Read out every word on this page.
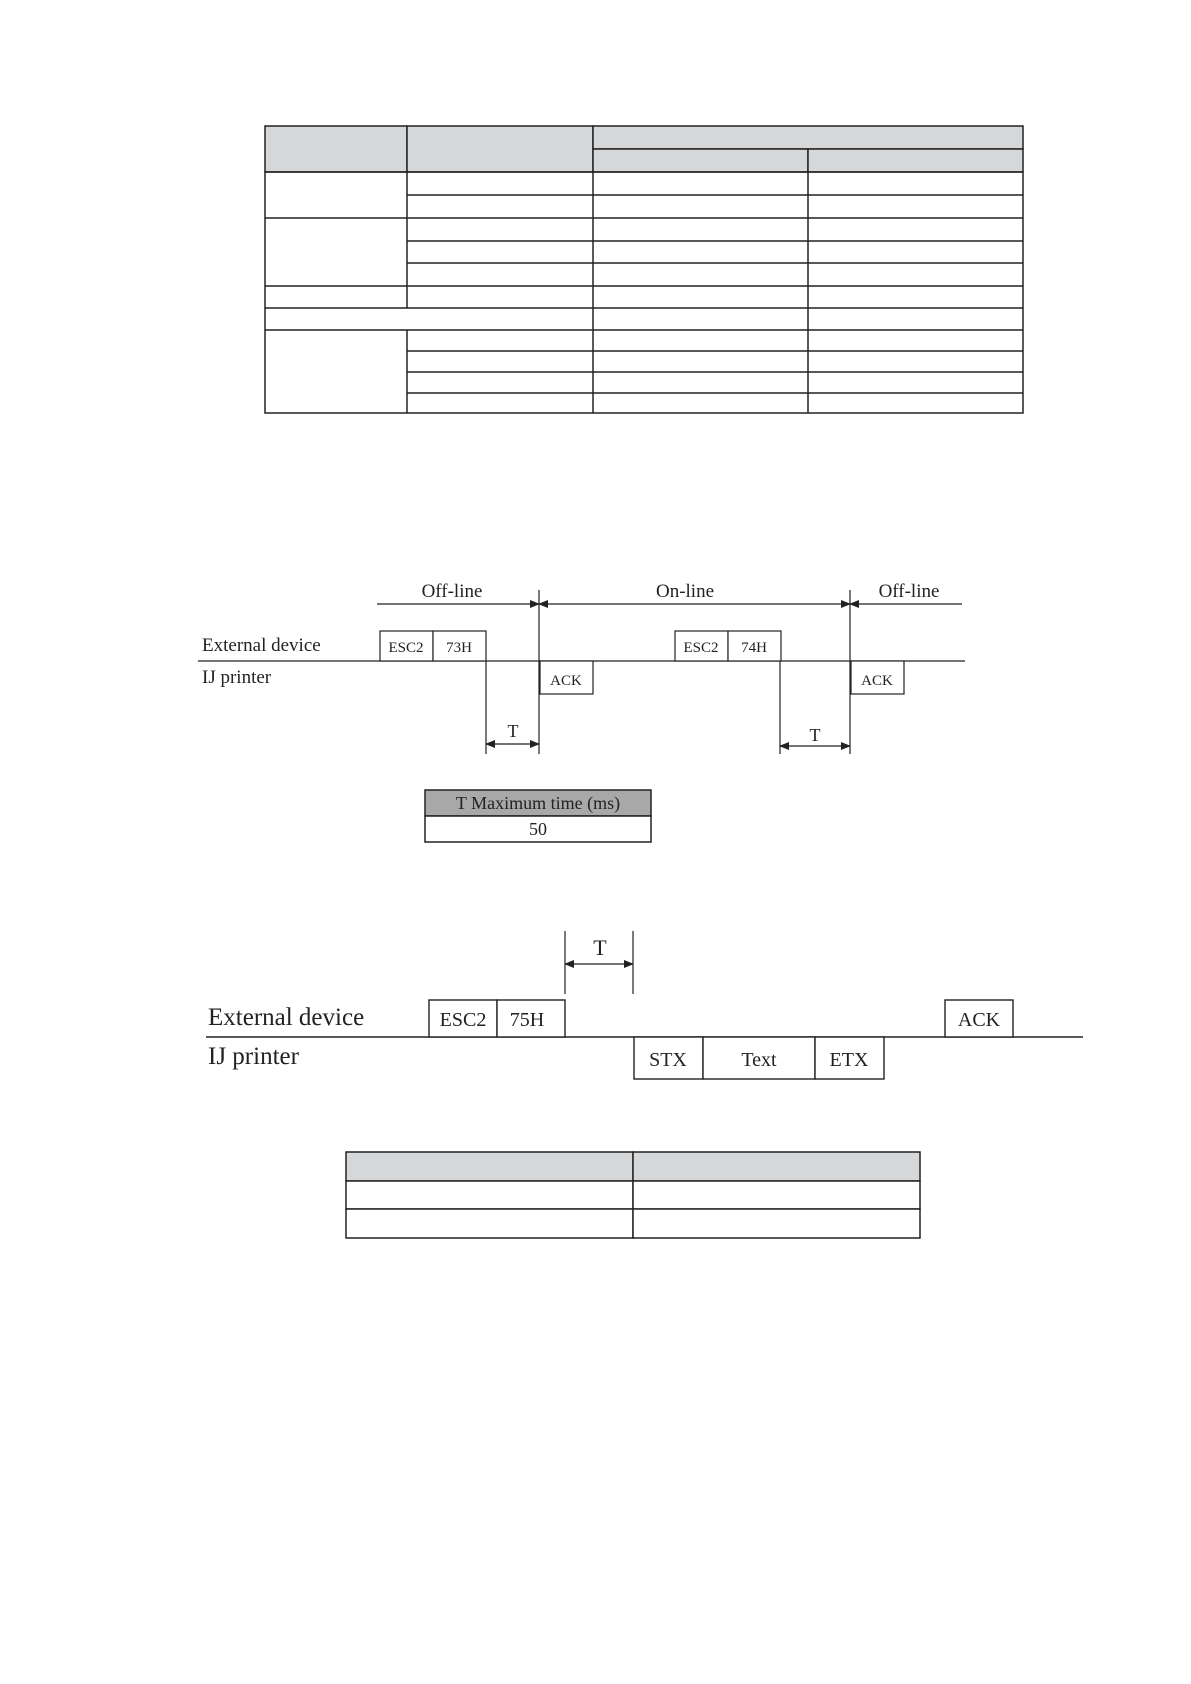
Off-line	On-line	Off-line
External device
IJ printer
ESC2 73H	ESC2 74H
ACK	ACK
T	T
T Maximum time (ms)
50
T
External device
IJ printer
ESC2 75H	ACK
STX	Text	ETX
